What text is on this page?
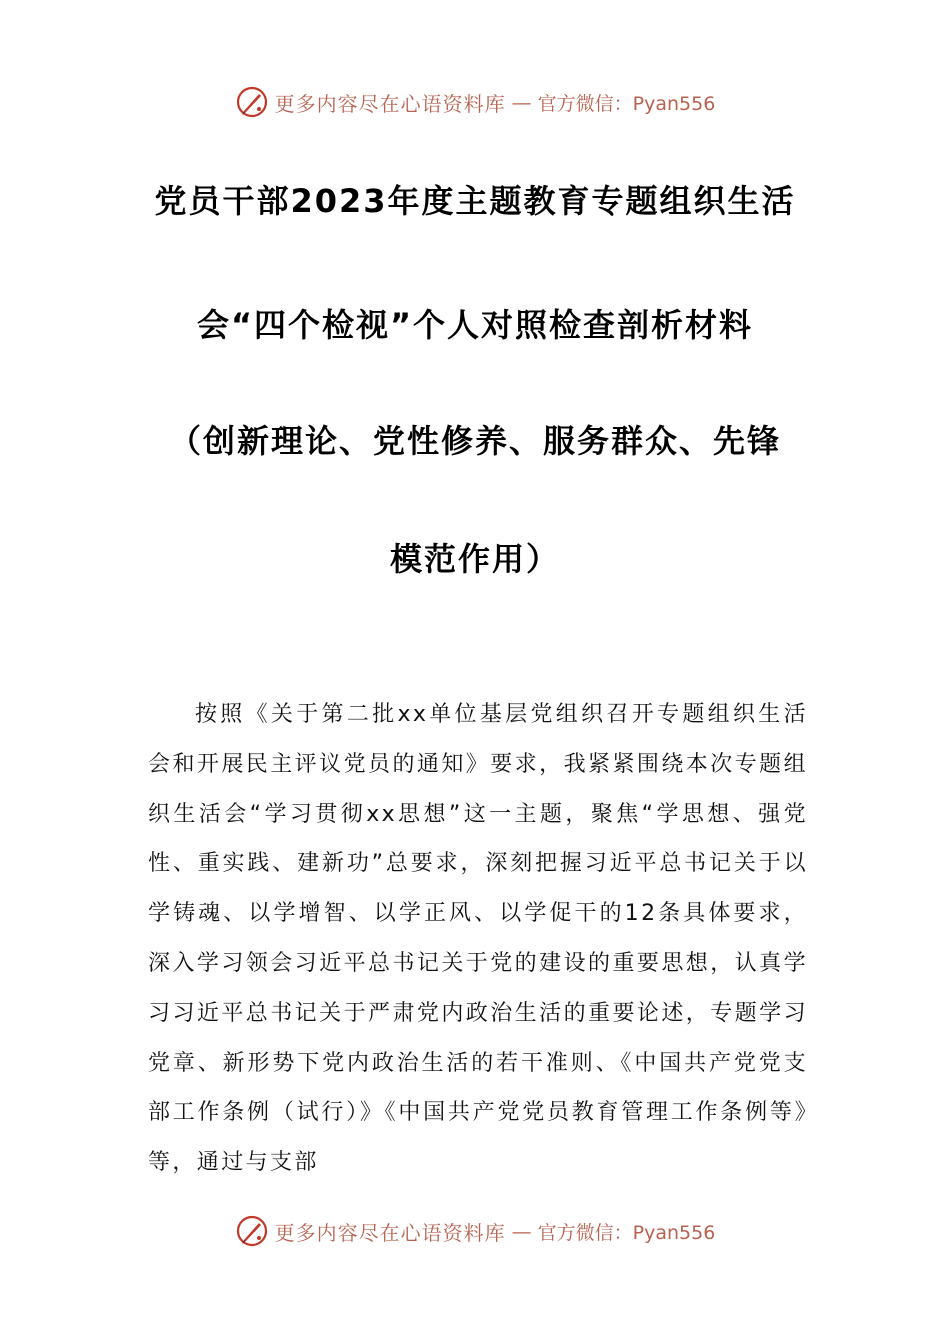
更多内容尽在心语资料库 — 官方微信：Pyan556
党员干部2023年度主题教育专题组织生活
会“四个检视”个人对照检查剖析材料
（创新理论、党性修养、服务群众、先锋
模范作用）

按照《关于第二批xx单位基层党组织召开专题组织生活会和开展民主评议党员的通知》要求，我紧紧围绕本次专题组织生活会“学习贯彻xx思想”这一主题，聚焦“学思想、强党性、重实践、建新功”总要求，深刻把握习近平总书记关于以学铸魂、以学增智、以学正风、以学促干的12条具体要求，深入学习领会习近平总书记关于党的建设的重要思想，认真学习习近平总书记关于严肃党内政治生活的重要论述，专题学习党章、新形势下党内政治生活的若干准则、《中国共产党党支部工作条例（试行）》《中国共产党党员教育管理工作条例等》等，通过与支部

更多内容尽在心语资料库 — 官方微信：Pyan556
